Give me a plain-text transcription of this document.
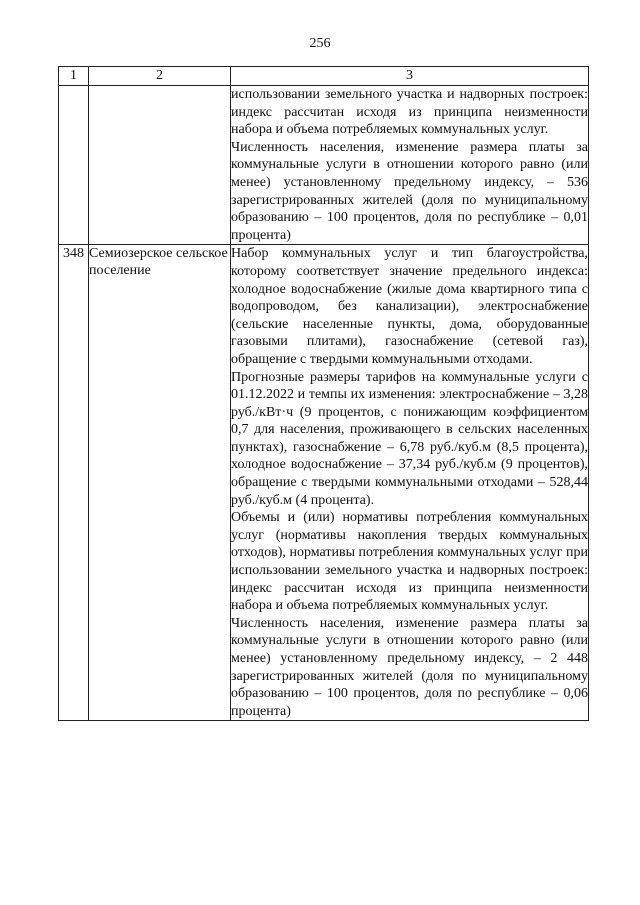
256
1	2	3

		использовании земельного участка и надворных построек: индекс рассчитан исходя из принципа неизменности набора и объема потребляемых коммунальных услуг.

Численность населения, изменение размера платы за коммунальные услуги в отношении которого равно (или менее) установленному предельному индексу, – 536 зарегистрированных жителей (доля по муниципальному образованию – 100 процентов, доля по республике – 0,01 процента)

348	Семиозерское сельское поселение	Набор коммунальных услуг и тип благоустройства, которому соответствует значение предельного индекса: холодное водоснабжение (жилые дома квартирного типа с водопроводом, без канализации), электроснабжение (сельские населенные пункты, дома, оборудованные газовыми плитами), газоснабжение (сетевой газ), обращение с твердыми коммунальными отходами.

Прогнозные размеры тарифов на коммунальные услуги с 01.12.2022 и темпы их изменения: электроснабжение – 3,28 руб./кВт·ч (9 процентов, с понижающим коэффициентом 0,7 для населения, проживающего в сельских населенных пунктах), газоснабжение – 6,78 руб./куб.м (8,5 процента), холодное водоснабжение – 37,34 руб./куб.м (9 процентов), обращение с твердыми коммунальными отходами – 528,44 руб./куб.м (4 процента).

Объемы и (или) нормативы потребления коммунальных услуг (нормативы накопления твердых коммунальных отходов), нормативы потребления коммунальных услуг при использовании земельного участка и надворных построек: индекс рассчитан исходя из принципа неизменности набора и объема потребляемых коммунальных услуг.

Численность населения, изменение размера платы за коммунальные услуги в отношении которого равно (или менее) установленному предельному индексу, – 2 448 зарегистрированных жителей (доля по муниципальному образованию – 100 процентов, доля по республике – 0,06 процента)
